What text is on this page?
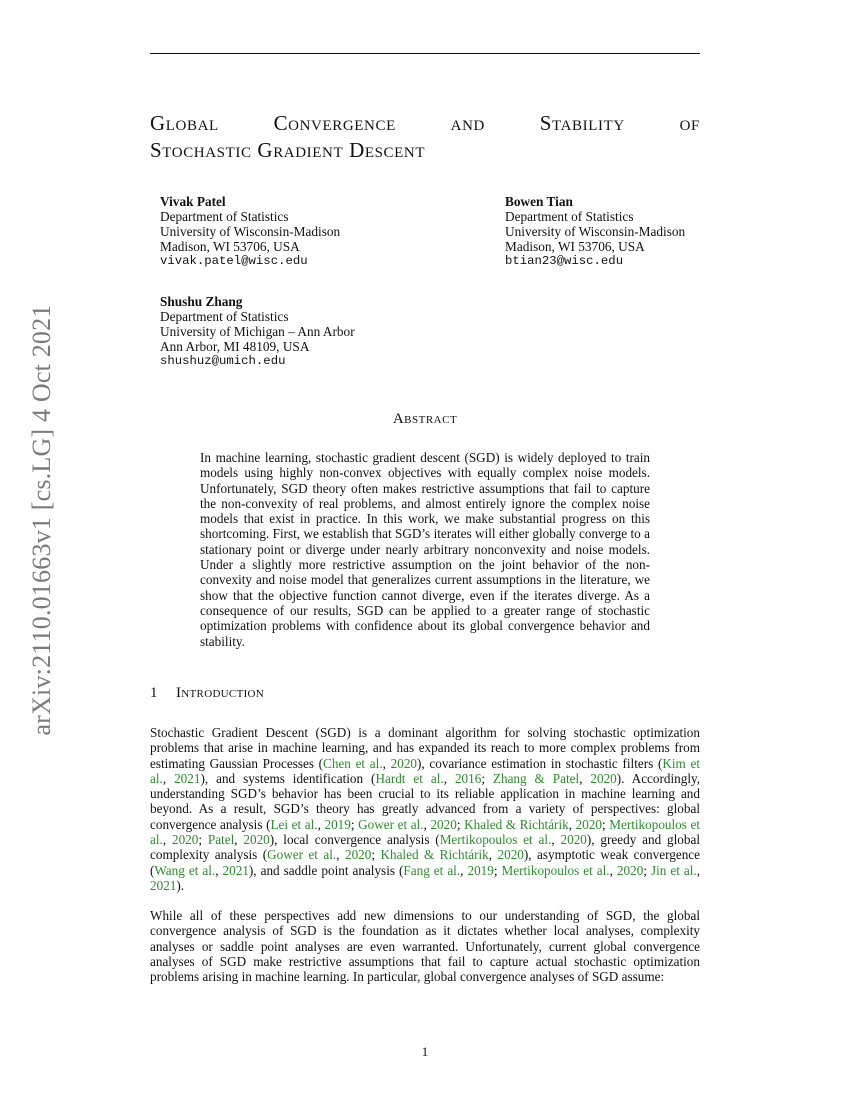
arXiv:2110.01663v1 [cs.LG] 4 Oct 2021
Global	Convergence	and	Stability	of
Stochastic Gradient Descent
Vivak Patel
Department of Statistics
University of Wisconsin-Madison
Madison, WI 53706, USA
vivak.patel@wisc.edu
Bowen Tian
Department of Statistics
University of Wisconsin-Madison
Madison, WI 53706, USA
btian23@wisc.edu
Shushu Zhang
Department of Statistics
University of Michigan – Ann Arbor
Ann Arbor, MI 48109, USA
shushuz@umich.edu
Abstract
In machine learning, stochastic gradient descent (SGD) is widely deployed to train models using highly non-convex objectives with equally complex noise models. Unfortunately, SGD theory often makes restrictive assumptions that fail to capture the non-convexity of real problems, and almost entirely ignore the complex noise models that exist in practice. In this work, we make substantial progress on this shortcoming. First, we establish that SGD’s iterates will either globally converge to a stationary point or diverge under nearly arbitrary nonconvexity and noise models. Under a slightly more restrictive assumption on the joint behavior of the non-convexity and noise model that generalizes current assumptions in the literature, we show that the objective function cannot diverge, even if the iterates diverge. As a consequence of our results, SGD can be applied to a greater range of stochastic optimization problems with confidence about its global convergence behavior and stability.
1 Introduction
Stochastic Gradient Descent (SGD) is a dominant algorithm for solving stochastic optimization problems that arise in machine learning, and has expanded its reach to more complex problems from estimating Gaussian Processes (Chen et al., 2020), covariance estimation in stochastic filters (Kim et al., 2021), and systems identification (Hardt et al., 2016; Zhang & Patel, 2020). Accordingly, understanding SGD’s behavior has been crucial to its reliable application in machine learning and beyond. As a result, SGD’s theory has greatly advanced from a variety of perspectives: global convergence analysis (Lei et al., 2019; Gower et al., 2020; Khaled & Richtárik, 2020; Mertikopoulos et al., 2020; Patel, 2020), local convergence analysis (Mertikopoulos et al., 2020), greedy and global complexity analysis (Gower et al., 2020; Khaled & Richtárik, 2020), asymptotic weak convergence (Wang et al., 2021), and saddle point analysis (Fang et al., 2019; Mertikopoulos et al., 2020; Jin et al., 2021).
While all of these perspectives add new dimensions to our understanding of SGD, the global convergence analysis of SGD is the foundation as it dictates whether local analyses, complexity analyses or saddle point analyses are even warranted. Unfortunately, current global convergence analyses of SGD make restrictive assumptions that fail to capture actual stochastic optimization problems arising in machine learning. In particular, global convergence analyses of SGD assume:
1
